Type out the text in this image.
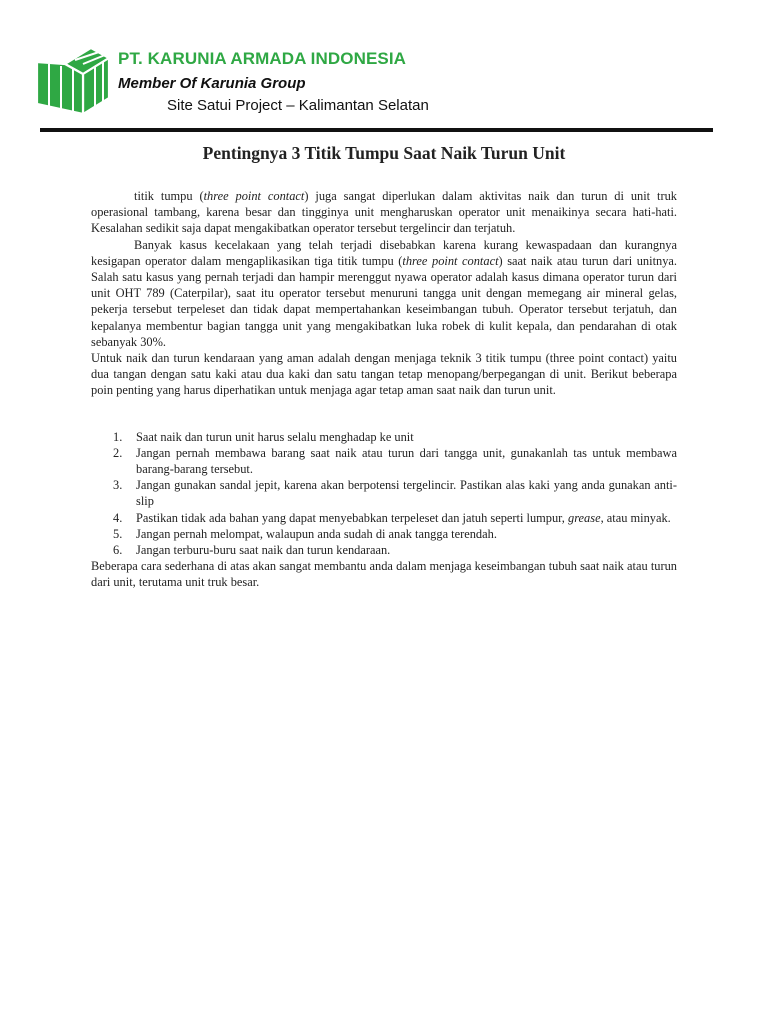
PT. KARUNIA ARMADA INDONESIA
Member Of Karunia Group
Site Satui Project – Kalimantan Selatan
Pentingnya 3 Titik Tumpu Saat Naik Turun Unit

titik tumpu (three point contact) juga sangat diperlukan dalam aktivitas naik dan turun di unit truk operasional tambang, karena besar dan tingginya unit mengharuskan operator unit menaikinya secara hati-hati. Kesalahan sedikit saja dapat mengakibatkan operator tersebut tergelincir dan terjatuh.

Banyak kasus kecelakaan yang telah terjadi disebabkan karena kurang kewaspadaan dan kurangnya kesigapan operator dalam mengaplikasikan tiga titik tumpu (three point contact) saat naik atau turun dari unitnya. Salah satu kasus yang pernah terjadi dan hampir merenggut nyawa operator adalah kasus dimana operator turun dari unit OHT 789 (Caterpilar), saat itu operator tersebut menuruni tangga unit dengan memegang air mineral gelas, pekerja tersebut terpeleset dan tidak dapat mempertahankan keseimbangan tubuh. Operator tersebut terjatuh, dan kepalanya membentur bagian tangga unit yang mengakibatkan luka robek di kulit kepala, dan pendarahan di otak sebanyak 30%.

Untuk naik dan turun kendaraan yang aman adalah dengan menjaga teknik 3 titik tumpu (three point contact) yaitu dua tangan dengan satu kaki atau dua kaki dan satu tangan tetap menopang/berpegangan di unit. Berikut beberapa poin penting yang harus diperhatikan untuk menjaga agar tetap aman saat naik dan turun unit.

1. Saat naik dan turun unit harus selalu menghadap ke unit
2. Jangan pernah membawa barang saat naik atau turun dari tangga unit, gunakanlah tas untuk membawa barang-barang tersebut.
3. Jangan gunakan sandal jepit, karena akan berpotensi tergelincir. Pastikan alas kaki yang anda gunakan anti-slip
4. Pastikan tidak ada bahan yang dapat menyebabkan terpeleset dan jatuh seperti lumpur, grease, atau minyak.
5. Jangan pernah melompat, walaupun anda sudah di anak tangga terendah.
6. Jangan terburu-buru saat naik dan turun kendaraan.

Beberapa cara sederhana di atas akan sangat membantu anda dalam menjaga keseimbangan tubuh saat naik atau turun dari unit, terutama unit truk besar.
